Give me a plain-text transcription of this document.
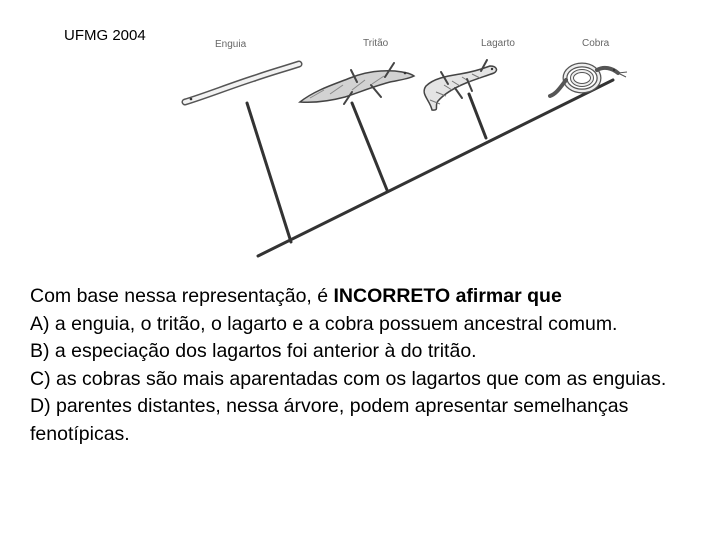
UFMG 2004
Enguia	Tritão	Lagarto	Cobra

Com base nessa representação, é INCORRETO afirmar que

A) a enguia, o tritão, o lagarto e a cobra possuem ancestral comum.

B) a especiação dos lagartos foi anterior à do tritão.

C) as cobras são mais aparentadas com os lagartos que com as enguias.

D) parentes distantes, nessa árvore, podem apresentar semelhanças fenotípicas.
